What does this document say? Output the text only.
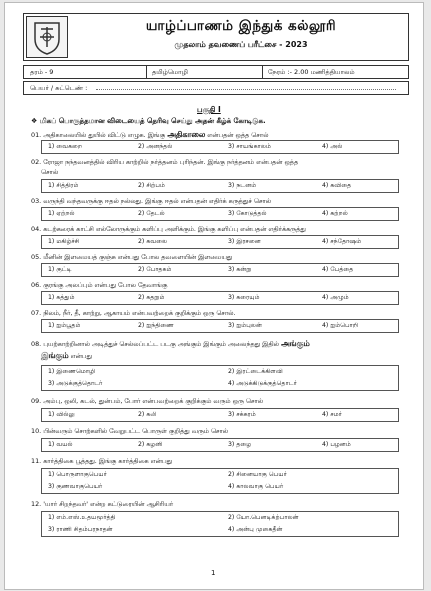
யாழ்ப்பாணம் இந்துக் கல்லூரி
முதலாம் தவணைப் பரீட்சை - 2023
தரம் - 9	தமிழ்மொழி	நேரம் :- 2.00 மணித்தியாலம்
பெயர் / சுட்டெண் :
பகுதி I
❖ மிகப் பொருத்தமான விடையைத் தெரிவு செய்து அதன் கீழ்க் கோடிடுக.
01. அதிகாலையில் துயில் விட்டு எழுக. இங்கு அதிகாலை என்பதன் ஒத்த சொல்
1) வைகறை	2) அனந்தல்	3) சாயங்காலம்	4) அல்
02. ரோஜா நந்தவனத்தில் விரிய காற்றில் நர்த்தனம் புரிந்தன். இங்கு நர்த்தனம் என்பதன் ஒத்த
சொல்
1) சித்திரம்	2) சிற்பம்	3) நடனம்	4) கவிதை
03. வருந்தி வந்தவருக்கு ஈதல் நல்லது. இங்கு ஈதல் என்பதன் எதிர்க் கருத்துச் சொல்
1) ஏற்றல்	2) தேடல்	3) கோடுத்தல்	4) கற்றல்
04. கடற்கரைக் காட்சி எல்லோருக்கும் களிப்பு அளிக்கும். இங்கு களிப்பு என்பதன் எதிர்க்கருத்து
1) மகிழ்ச்சி	2) கவலை	3) இரசனை	4) சந்தோஷம்
05. மீனின் இளமையத் குஞ்சு என்பது போல தவளையின் இளமையது
1) குட்டி	2) போதகம்	3) கன்று	4) பேத்தை
06. குரங்கு அலப்பும் என்பது போல தேவாங்கு
1) கத்தும்	2) கதறும்	3) கரையும்	4) அழும்
07. நிலம், நீர், தீ, காற்று, ஆகாயம் என்பவற்றைக் குறிக்கும் ஒரு சொல்.
1) ஐம்பூதம்	2) ஐந்திணை	3) ஐம்புலன்	4) ஐம்பொறி
08. புயற்காற்றினால் அடித்துச் செல்லப்பட்ட படகு அங்கும் இங்கும் அலைந்தது இதில் அங்கும்
இங்கும் என்பது
1) இணைமொழி	2) இரட்டைக்கிளவி
3) அடுக்குத்தொடர்	4) அடுக்கிடுக்குத்தொடர்
09. அம்பு, ஒலி, கடல், துன்பம், போர் என்பவற்றைக் குறிக்கும் வரும் ஒரு சொல்
1) வில்லு	2) கலி	3) சக்கரம்	4) சமர்
10. பின்வரும் சொற்களில் வேறுபட்ட பொருள் குறித்து வரும் சொல்
1) வயல்	2) கழனி	3) தழை	4) பழனம்
11. கார்த்திகை பூத்தது. இங்கு கார்த்திகை என்பது
1) பொருளாகுபெயர்	2) சினையாகு பெயர்
3) குணவாகுபெயர்	4) காலவாகு பெயர்
12. 'யார் சிறந்தவர்' என்ற கட்டுரையின் ஆசிரியர்
1) எம்.எஸ்.உதயமூர்த்தி	2) யோ.பெனடிக்ற்பாலன்
3) ராணி சிதம்பரநாதன்	4) அன்பு முகைதீன்
1
